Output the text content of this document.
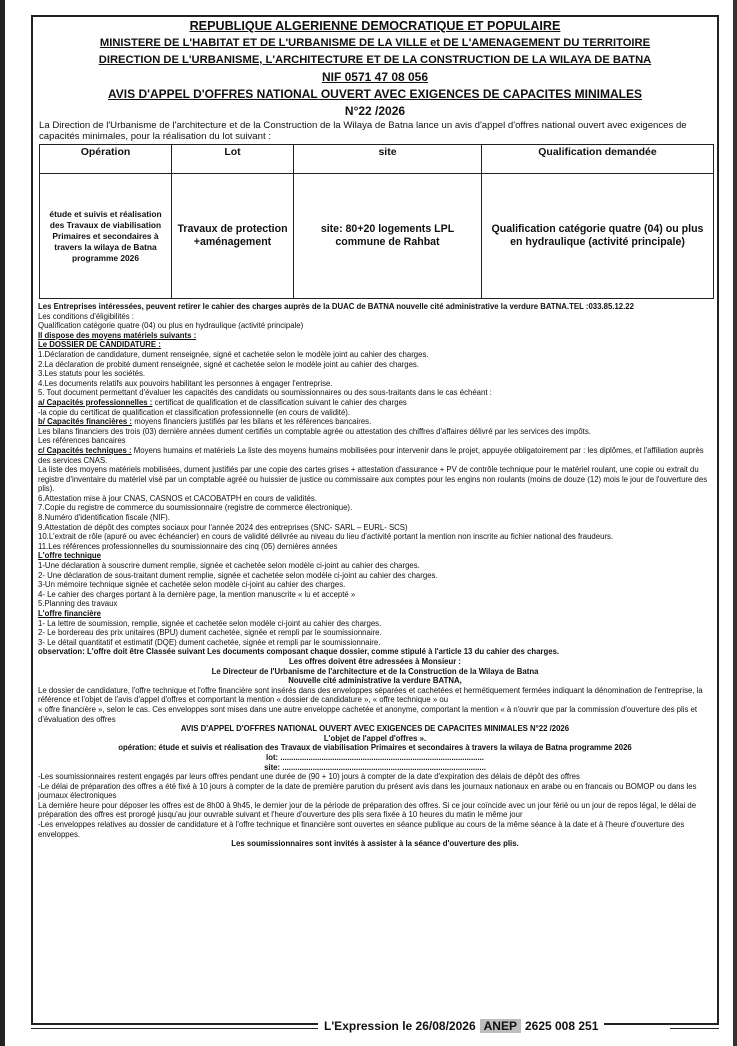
REPUBLIQUE ALGERIENNE DEMOCRATIQUE ET POPULAIRE
MINISTERE DE L'HABITAT ET DE L'URBANISME DE LA VILLE et DE L'AMENAGEMENT DU TERRITOIRE
DIRECTION DE L'URBANISME, L'ARCHITECTURE ET DE LA CONSTRUCTION DE LA WILAYA DE BATNA
NIF 0571 47 08 056
AVIS D'APPEL D'OFFRES NATIONAL OUVERT AVEC EXIGENCES DE CAPACITES MINIMALES
N°22 /2026
La Direction de l'Urbanisme de l'architecture et de la Construction de la Wilaya de Batna lance un avis d'appel d'offres national ouvert avec exigences de capacités minimales, pour la réalisation du lot suivant :
Opération	Lot	site	Qualification demandée
étude et suivis et réalisation des Travaux de viabilisation Primaires et secondaires à travers la wilaya de Batna programme 2026	Travaux de protection +aménagement	site: 80+20 logements LPL commune de Rahbat	Qualification catégorie quatre (04) ou plus en hydraulique (activité principale)
Les Entreprises intéressées, peuvent retirer le cahier des charges auprès de la DUAC de BATNA nouvelle cité administrative la verdure BATNA.TEL :033.85.12.22
Les conditions d'éligibilités :
Qualification catégorie quatre (04) ou plus en hydraulique (activité principale)
Il dispose des moyens matériels suivants :
Le DOSSIER DE CANDIDATURE :
1.Déclaration de candidature, dument renseignée, signé et cachetée selon le modèle joint au cahier des charges.
2.La déclaration de probité dument renseignée, signé et cachetée selon le modèle joint au cahier des charges.
3.Les statuts pour les sociétés.
4.Les documents relatifs aux pouvoirs habilitant les personnes à engager l'entreprise.
5. Tout document permettant d'évaluer les capacités des candidats ou soumissionnaires ou des sous-traitants dans le cas échéant :
a/ Capacités professionnelles : certificat de qualification et de classification suivant le cahier des charges
-la copie du certificat de qualification et classification professionnelle (en cours de validité).
b/ Capacités financières : moyens financiers justifiés par les bilans et les références bancaires.
Les bilans financiers des trois (03) dernière années dument certifiés un comptable agrée ou attestation des chiffres d'affaires délivré par les services des impôts.
Les références bancaires
c/ Capacités techniques : Moyens humains et matériels La liste des moyens humains mobilisées pour intervenir dans le projet, appuyée obligatoirement par : les diplômes, et l'affiliation auprès des services CNAS.
La liste des moyens matériels mobilisées, dument justifiés par une copie des cartes grises + attestation d'assurance + PV de contrôle technique pour le matériel roulant, une copie ou extrait du registre d'inventaire du matériel visé par un comptable agréé ou huissier de justice ou commissaire aux comptes pour les engins non roulants (moins de douze (12) mois le jour de l'ouverture des plis).
6.Attestation mise à jour CNAS, CASNOS et CACOBATPH en cours de validités.
7.Copie du registre de commerce du soumissionnaire (registre de commerce électronique).
8.Numéro d'identification fiscale (NIF).
9.Attestation de dépôt des comptes sociaux pour l'année 2024 des entreprises (SNC- SARL – EURL- SCS)
10.L'extrait de rôle (apuré ou avec échéancier) en cours de validité délivrée au niveau du lieu d'activité portant la mention non inscrite au fichier national des fraudeurs.
11.Les références professionnelles du soumissionnaire des cinq (05) dernières années
L'offre technique
1-Une déclaration à souscrire dument remplie, signée et cachetée selon modèle ci-joint au cahier des charges.
2- Une déclaration de sous-traitant dument remplie, signée et cachetée selon modèle ci-joint au cahier des charges.
3-Un mémoire technique signée et cachetée selon modèle ci-joint au cahier des charges.
4- Le cahier des charges portant à la dernière page, la mention manuscrite « lu et accepté »
5.Planning des travaux
L'offre financière
1- La lettre de soumission, remplie, signée et cachetée selon modèle ci-joint au cahier des charges.
2- Le bordereau des prix unitaires (BPU) dument cachetée, signée et rempli par le soumissionnaire.
3- Le détail quantitatif et estimatif (DQE) dument cachetée, signée et rempli par le soumissionnaire.
observation: L'offre doit être Classée suivant Les documents composant chaque dossier, comme stipulé à l'article 13 du cahier des charges.
Les offres doivent être adressées à Monsieur :
Le Directeur de l'Urbanisme de l'architecture et de la Construction de la Wilaya de Batna
Nouvelle cité administrative la verdure BATNA,
Le dossier de candidature, l'offre technique et l'offre financière sont insérés dans des enveloppes séparées et cachetées et hermétiquement fermées indiquant la dénomination de l'entreprise, la référence et l'objet de l'avis d'appel d'offres et comportant la mention « dossier de candidature », « offre technique » ou
« offre financière », selon le cas. Ces enveloppes sont mises dans une autre enveloppe cachetée et anonyme, comportant la mention « à n'ouvrir que par la commission d'ouverture des plis et d'évaluation des offres
AVIS D'APPEL D'OFFRES NATIONAL OUVERT AVEC EXIGENCES DE CAPACITES MINIMALES N°22 /2026
L'objet de l'appel d'offres ».
opération: étude et suivis et réalisation des Travaux de viabilisation Primaires et secondaires à travers la wilaya de Batna programme 2026
lot: ..............................................................................................
site: ..............................................................................................
-Les soumissionnaires restent engagés par leurs offres pendant une durée de (90 + 10) jours à compter de la date d'expiration des délais de dépôt des offres
-Le délai de préparation des offres a été fixé à 10 jours à compter de la date de première parution du présent avis dans les journaux nationaux en arabe ou en francais ou BOMOP ou dans les journaux électroniques
La dernière heure pour déposer les offres est de 8h00 à 9h45, le dernier jour de la période de préparation des offres. Si ce jour coïncide avec un jour férié ou un jour de repos légal, le délai de préparation des offres est prorogé jusqu'au jour ouvrable suivant et l'heure d'ouverture des plis sera fixée à 10 heures du matin le même jour
-Les enveloppes relatives au dossier de candidature et à l'offre technique et financière sont ouvertes en séance publique au cours de la même séance à la date et à l'heure d'ouverture des enveloppes.
Les soumissionnaires sont invités à assister à la séance d'ouverture des plis.
L'Expression le 26/08/2026 ANEP 2625 008 251
